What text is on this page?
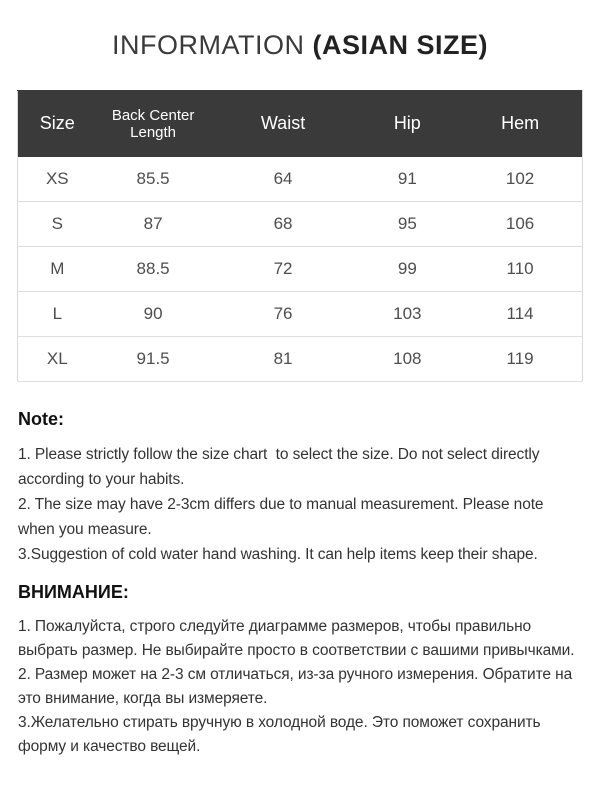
INFORMATION (ASIAN SIZE)
Size	Back Center Length	Waist	Hip	Hem
XS	85.5	64	91	102
S	87	68	95	106
M	88.5	72	99	110
L	90	76	103	114
XL	91.5	81	108	119
Note:

1. Please strictly follow the size chart  to select the size. Do not select directly according to your habits.

2. The size may have 2-3cm differs due to manual measurement. Please note when you measure.

3.Suggestion of cold water hand washing. It can help items keep their shape.

ВНИМАНИЕ:

1. Пожалуйста, строго следуйте диаграмме размеров, чтобы правильно выбрать размер. Не выбирайте просто в соответствии с вашими привычками.

2. Размер может на 2-3 см отличаться, из-за ручного измерения. Обратите на это внимание, когда вы измеряете.

3.Желательно стирать вручную в холодной воде. Это поможет сохранить форму и качество вещей.
